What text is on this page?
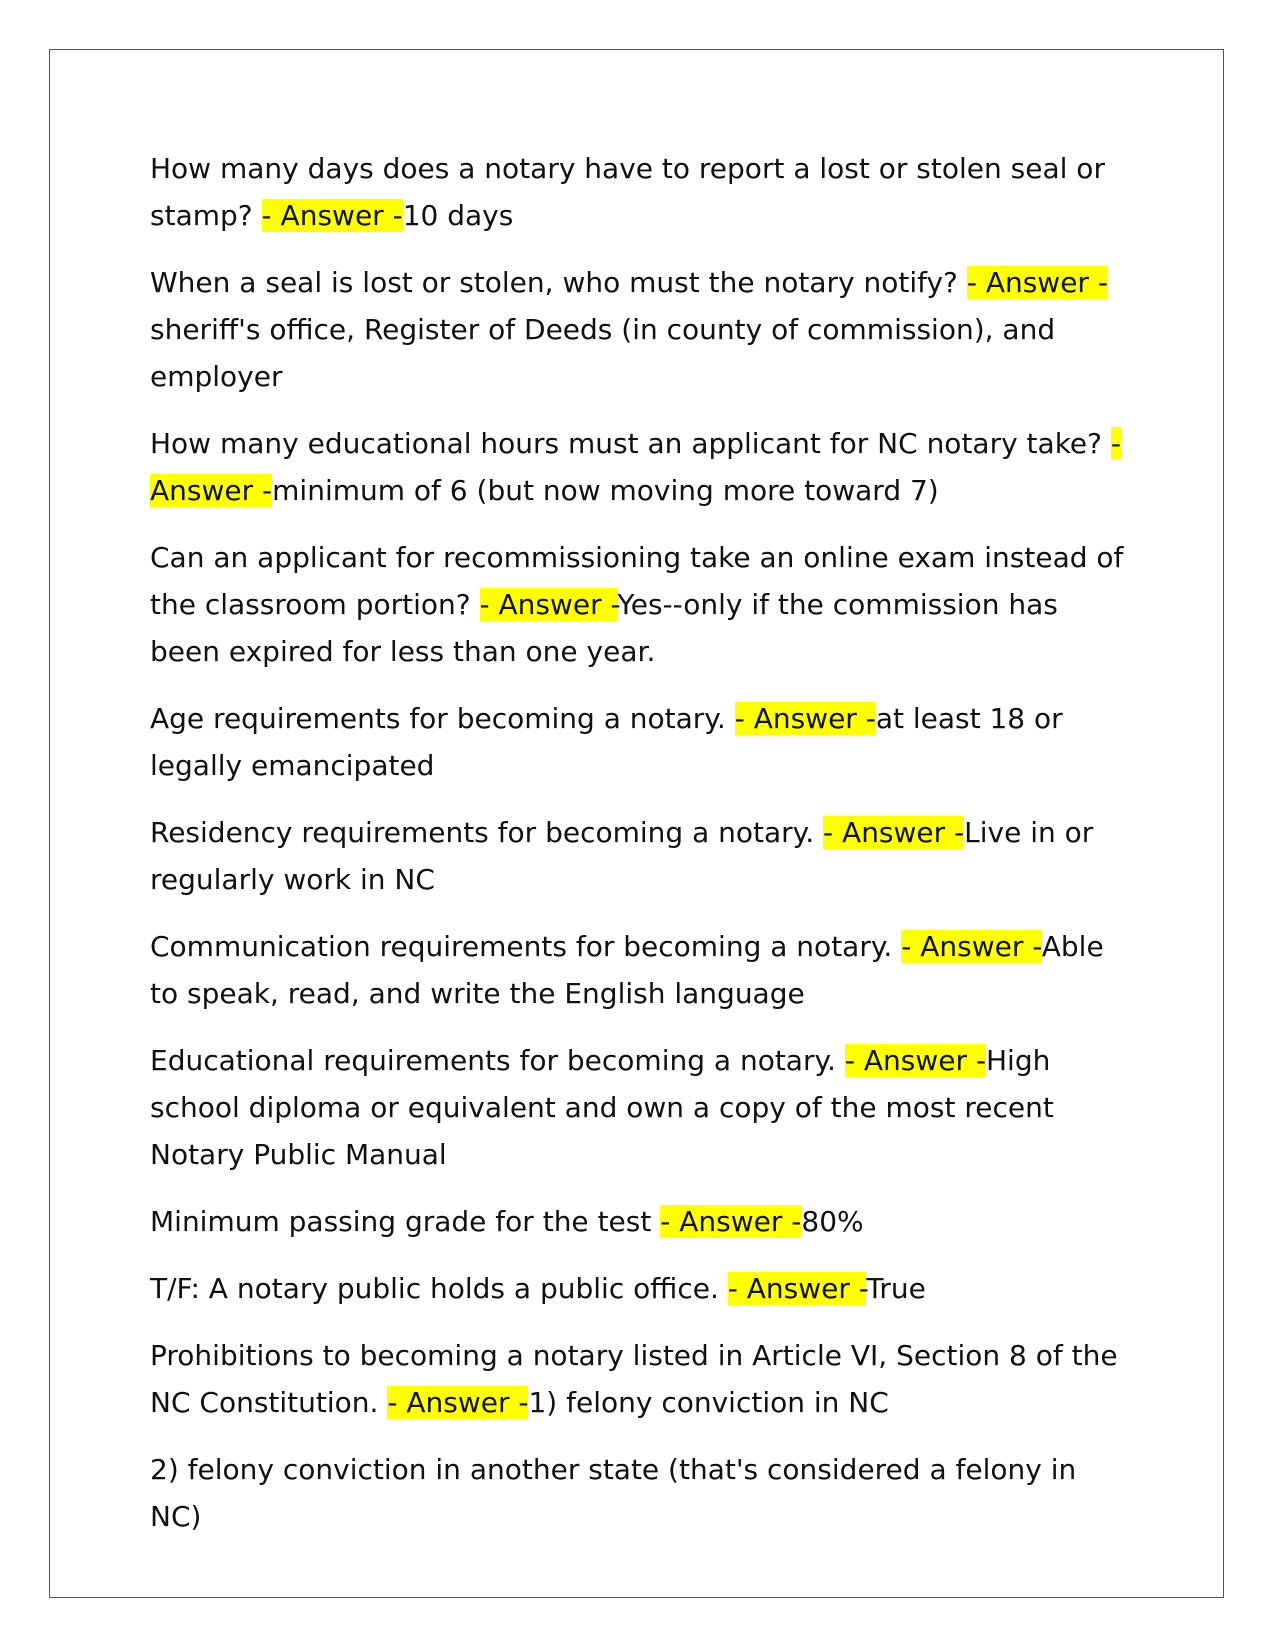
How many days does a notary have to report a lost or stolen seal or stamp? - Answer -10 days

When a seal is lost or stolen, who must the notary notify? - Answer -sheriff's office, Register of Deeds (in county of commission), and employer

How many educational hours must an applicant for NC notary take? - Answer -minimum of 6 (but now moving more toward 7)

Can an applicant for recommissioning take an online exam instead of the classroom portion? - Answer -Yes--only if the commission has been expired for less than one year.

Age requirements for becoming a notary. - Answer -at least 18 or legally emancipated

Residency requirements for becoming a notary. - Answer -Live in or regularly work in NC

Communication requirements for becoming a notary. - Answer -Able to speak, read, and write the English language

Educational requirements for becoming a notary. - Answer -High school diploma or equivalent and own a copy of the most recent Notary Public Manual

Minimum passing grade for the test - Answer -80%

T/F: A notary public holds a public office. - Answer -True

Prohibitions to becoming a notary listed in Article VI, Section 8 of the NC Constitution. - Answer -1) felony conviction in NC

2) felony conviction in another state (that's considered a felony in NC)
